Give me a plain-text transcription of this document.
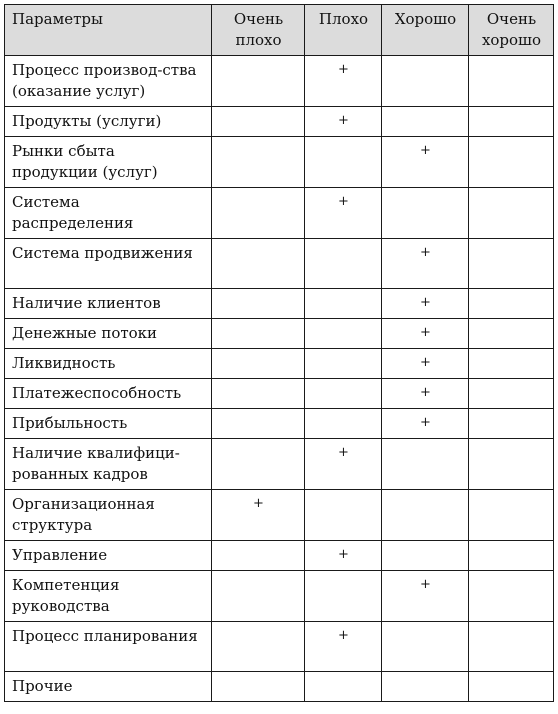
Параметры	Очень плохо	Плохо	Хорошо	Очень хорошо
Процесс производ-ства (оказание услуг)		+		
Продукты (услуги)		+		
Рынки сбыта продукции (услуг)			+	
Система распределения		+		
Система продвижения			+	
Наличие клиентов			+	
Денежные потоки			+	
Ликвидность			+	
Платежеспособность			+	
Прибыльность			+	
Наличие квалифици-рованных кадров		+		
Организационная структура	+			
Управление		+		
Компетенция руководства			+	
Процесс планирования		+		
Прочие				
